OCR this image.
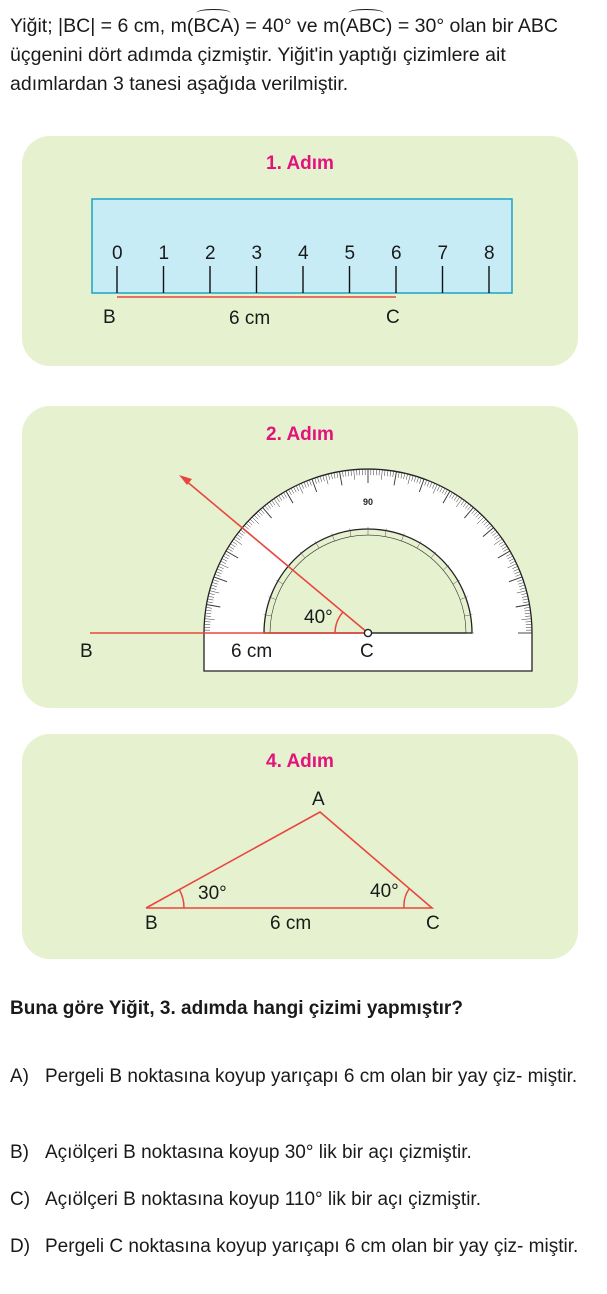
Yiğit; |BC| = 6 cm, m(BCA) = 40° ve m(ABC) = 30° olan bir ABC üçgenini dört adımda çizmiştir. Yiğit'in yaptığı çizimlere ait adımlardan 3 tanesi aşağıda verilmiştir.
1. Adım
0 1 2 3 4 5 6 7 8
B	6 cm	C
2. Adım
90
40°
B	6 cm	C
4. Adım
A
30°	40°
B	6 cm	C
Buna göre Yiğit, 3. adımda hangi çizimi yapmıştır?
A) Pergeli B noktasına koyup yarıçapı 6 cm olan bir yay çiz- miştir.
B) Açıölçeri B noktasına koyup 30° lik bir açı çizmiştir.
C) Açıölçeri B noktasına koyup 110° lik bir açı çizmiştir.
D) Pergeli C noktasına koyup yarıçapı 6 cm olan bir yay çiz- miştir.
